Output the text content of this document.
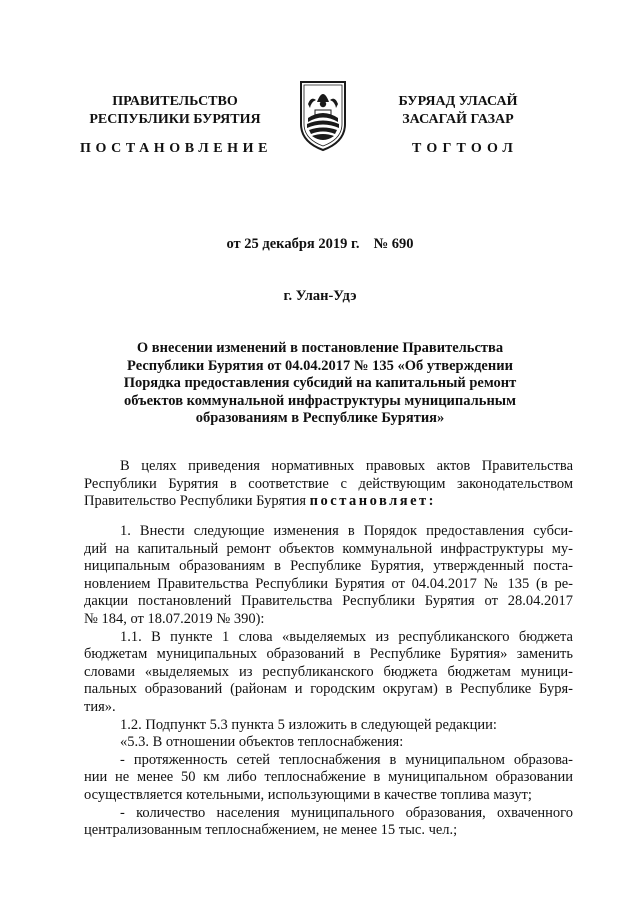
ПРАВИТЕЛЬСТВО
РЕСПУБЛИКИ БУРЯТИЯ
ПОСТАНОВЛЕНИЕ
БУРЯАД УЛАСАЙ
ЗАСАГАЙ ГАЗАР
ТОГТООЛ
от 25 декабря 2019 г. № 690
г. Улан-Удэ
О внесении изменений в постановление Правительства
Республики Бурятия от 04.04.2017 № 135 «Об утверждении
Порядка предоставления субсидий на капитальный ремонт
объектов коммунальной инфраструктуры муниципальным
образованиям в Республике Бурятия»
В целях приведения нормативных правовых актов Правительства
Республики Бурятия в соответствие с действующим законодательством
Правительство Республики Бурятия постановляет:
1. Внести следующие изменения в Порядок предоставления субси-
дий на капитальный ремонт объектов коммунальной инфраструктуры му-
ниципальным образованиям в Республике Бурятия, утвержденный поста-
новлением Правительства Республики Бурятия от 04.04.2017 № 135 (в ре-
дакции постановлений Правительства Республики Бурятия от 28.04.2017
№ 184, от 18.07.2019 № 390):
1.1. В пункте 1 слова «выделяемых из республиканского бюджета
бюджетам муниципальных образований в Республике Бурятия» заменить
словами «выделяемых из республиканского бюджета бюджетам муници-
пальных образований (районам и городским округам) в Республике Буря-
тия».
1.2. Подпункт 5.3 пункта 5 изложить в следующей редакции:
«5.3. В отношении объектов теплоснабжения:
- протяженность сетей теплоснабжения в муниципальном образова-
нии не менее 50 км либо теплоснабжение в муниципальном образовании
осуществляется котельными, использующими в качестве топлива мазут;
- количество населения муниципального образования, охваченного
централизованным теплоснабжением, не менее 15 тыс. чел.;
